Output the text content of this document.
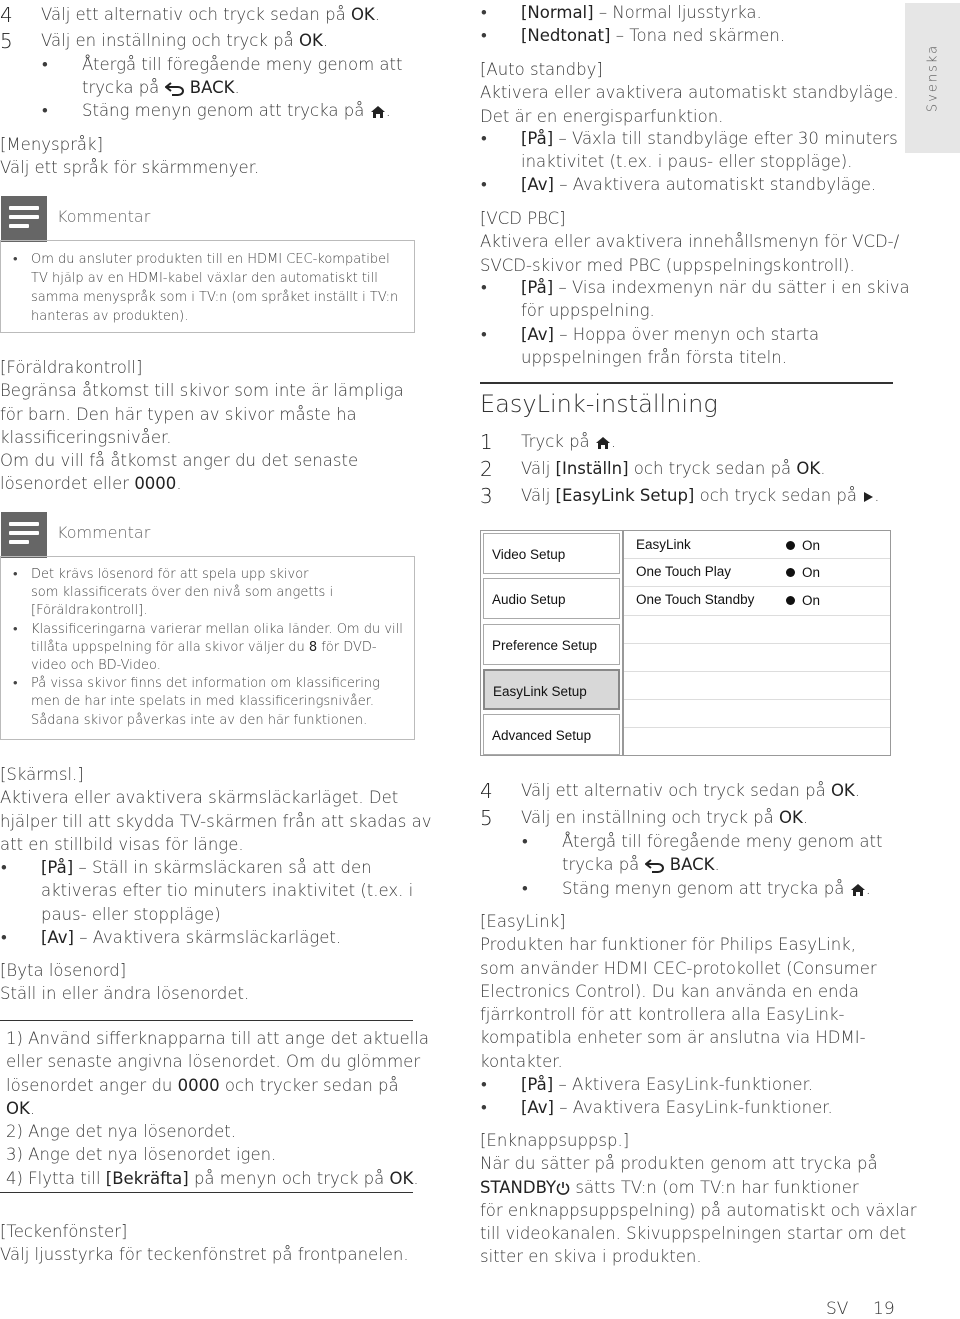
Svenska
4 Välj ett alternativ och tryck sedan på OK.
5 Välj en inställning och tryck på OK.
• Återgå till föregående meny genom att
trycka på  BACK.
• Stäng menyn genom att trycka på .
[Menyspråk]
Välj ett språk för skärmmenyer.
Kommentar
• Om du ansluter produkten till en HDMI CEC-kompatibel
TV hjälp av en HDMI-kabel växlar den automatiskt till
samma menyspråk som i TV:n (om språket inställt i TV:n
hanteras av produkten).
[Föräldrakontroll]
Begränsa åtkomst till skivor som inte är lämpliga
för barn. Den här typen av skivor måste ha
klassificeringsnivåer.
Om du vill få åtkomst anger du det senaste
lösenordet eller 0000.
Kommentar
• Det krävs lösenord för att spela upp skivor
som klassificerats över den nivå som angetts i
[Föräldrakontroll].
• Klassificeringarna varierar mellan olika länder. Om du vill
tillåta uppspelning för alla skivor väljer du 8 för DVD-
video och BD-Video.
• På vissa skivor finns det information om klassificering
men de har inte spelats in med klassificeringsnivåer.
Sådana skivor påverkas inte av den här funktionen.
[Skärmsl.]
Aktivera eller avaktivera skärmsläckarläget. Det
hjälper till att skydda TV-skärmen från att skadas av
att en stillbild visas för länge.
• [På] – Ställ in skärmsläckaren så att den
aktiveras efter tio minuters inaktivitet (t.ex. i
paus- eller stoppläge)
• [Av] – Avaktivera skärmsläckarläget.
[Byta lösenord]
Ställ in eller ändra lösenordet.
1) Använd sifferknapparna till att ange det aktuella
eller senaste angivna lösenordet. Om du glömmer
lösenordet anger du 0000 och trycker sedan på
OK.
2) Ange det nya lösenordet.
3) Ange det nya lösenordet igen.
4) Flytta till [Bekräfta] på menyn och tryck på OK.
[Teckenfönster]
Välj ljusstyrka för teckenfönstret på frontpanelen.
• [Normal] – Normal ljusstyrka.
• [Nedtonat] – Tona ned skärmen.
[Auto standby]
Aktivera eller avaktivera automatiskt standbyläge.
Det är en energisparfunktion.
• [På] – Växla till standbyläge efter 30 minuters
inaktivitet (t.ex. i paus- eller stoppläge).
• [Av] – Avaktivera automatiskt standbyläge.
[VCD PBC]
Aktivera eller avaktivera innehållsmenyn för VCD-/
SVCD-skivor med PBC (uppspelningskontroll).
• [På] – Visa indexmenyn när du sätter i en skiva
för uppspelning.
• [Av] – Hoppa över menyn och starta
uppspelningen från första titeln.
EasyLink-inställning
1 Tryck på .
2 Välj [Inställn] och tryck sedan på OK.
3 Välj [EasyLink Setup] och tryck sedan på .
Video Setup
Audio Setup
Preference Setup
EasyLink Setup
Advanced Setup
EasyLink	On
One Touch Play	On
One Touch Standby	On
4 Välj ett alternativ och tryck sedan på OK.
5 Välj en inställning och tryck på OK.
• Återgå till föregående meny genom att
trycka på  BACK.
• Stäng menyn genom att trycka på .
[EasyLink]
Produkten har funktioner för Philips EasyLink,
som använder HDMI CEC-protokollet (Consumer
Electronics Control). Du kan använda en enda
fjärrkontroll för att kontrollera alla EasyLink-
kompatibla enheter som är anslutna via HDMI-
kontakter.
• [På] – Aktivera EasyLink-funktioner.
• [Av] – Avaktivera EasyLink-funktioner.
[Enknappsuppsp.]
När du sätter på produkten genom att trycka på
STANDBY sätts TV:n (om TV:n har funktioner
för enknappsuppspelning) på automatiskt och växlar
till videokanalen. Skivuppspelningen startar om det
sitter en skiva i produkten.
SV 19
